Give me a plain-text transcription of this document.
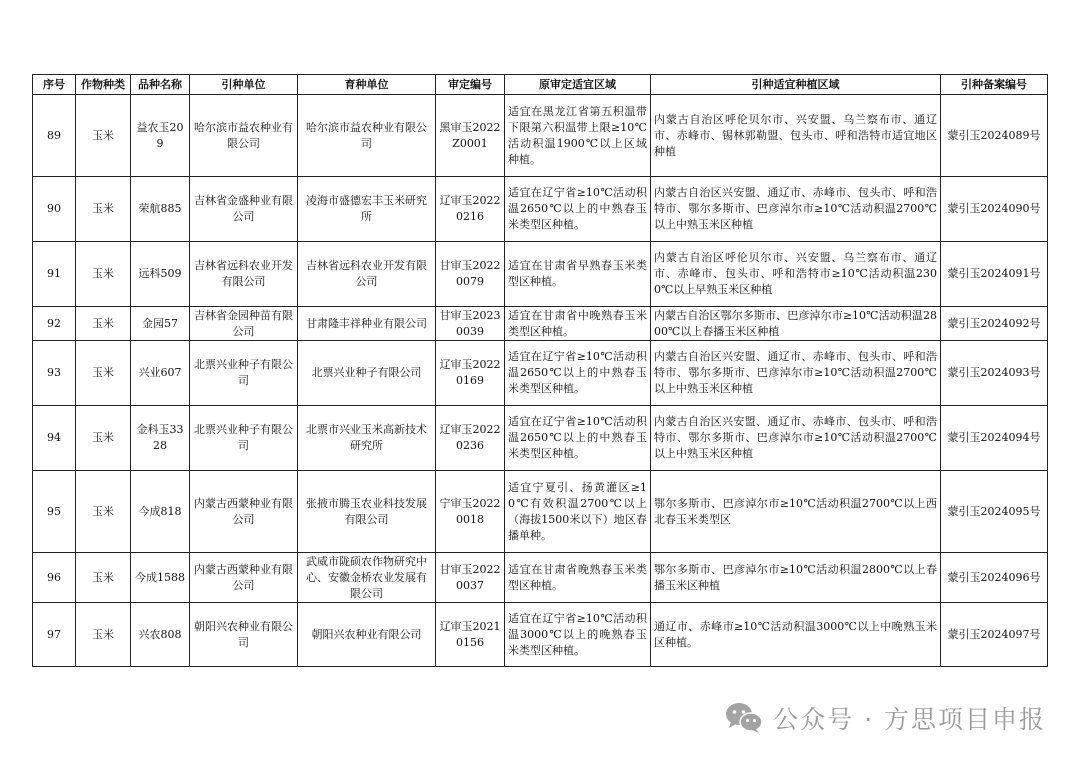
序号	作物种类	品种名称	引种单位	育种单位	审定编号	原审定适宜区域	引种适宜种植区域	引种备案编号
89	玉米	益农玉209	哈尔滨市益农种业有限公司	哈尔滨市益农种业有限公司	黑审玉2022Z0001	适宜在黑龙江省第五积温带下限第六积温带上限≥10℃活动积温1900℃以上区域种植。	内蒙古自治区呼伦贝尔市、兴安盟、乌兰察布市、通辽市、赤峰市、锡林郭勒盟、包头市、呼和浩特市适宜地区种植	蒙引玉2024089号
90	玉米	荣航885	吉林省金盛种业有限公司	凌海市盛德宏丰玉米研究所	辽审玉20220216	适宜在辽宁省≥10℃活动积温2650℃以上的中熟春玉米类型区种植。	内蒙古自治区兴安盟、通辽市、赤峰市、包头市、呼和浩特市、鄂尔多斯市、巴彦淖尔市≥10℃活动积温2700℃以上中熟玉米区种植	蒙引玉2024090号
91	玉米	远科509	吉林省远科农业开发有限公司	吉林省远科农业开发有限公司	甘审玉20220079	适宜在甘肃省早熟春玉米类型区种植。	内蒙古自治区呼伦贝尔市、兴安盟、乌兰察布市、通辽市、赤峰市、包头市、呼和浩特市≥10℃活动积温2300℃以上早熟玉米区种植	蒙引玉2024091号
92	玉米	金园57	吉林省金园种苗有限公司	甘肃隆丰祥种业有限公司	甘审玉20230039	适宜在甘肃省中晚熟春玉米类型区种植。	内蒙古自治区鄂尔多斯市、巴彦淖尔市≥10℃活动积温2800℃以上春播玉米区种植	蒙引玉2024092号
93	玉米	兴业607	北票兴业种子有限公司	北票兴业种子有限公司	辽审玉20220169	适宜在辽宁省≥10℃活动积温2650℃以上的中熟春玉米类型区种植。	内蒙古自治区兴安盟、通辽市、赤峰市、包头市、呼和浩特市、鄂尔多斯市、巴彦淖尔市≥10℃活动积温2700℃以上中熟玉米区种植	蒙引玉2024093号
94	玉米	金科玉3328	北票兴业种子有限公司	北票市兴业玉米高新技术研究所	辽审玉20220236	适宜在辽宁省≥10℃活动积温2650℃以上的中熟春玉米类型区种植。	内蒙古自治区兴安盟、通辽市、赤峰市、包头市、呼和浩特市、鄂尔多斯市、巴彦淖尔市≥10℃活动积温2700℃以上中熟玉米区种植	蒙引玉2024094号
95	玉米	今成818	内蒙古西蒙种业有限公司	张掖市腾玉农业科技发展有限公司	宁审玉20220018	适宜宁夏引、扬黄灌区≥10℃有效积温2700℃以上（海拔1500米以下）地区春播单种。	鄂尔多斯市、巴彦淖尔市≥10℃活动积温2700℃以上西北春玉米类型区	蒙引玉2024095号
96	玉米	今成1588	内蒙古西蒙种业有限公司	武威市陇硕农作物研究中心、安徽金桥农业发展有限公司	甘审玉20220037	适宜在甘肃省晚熟春玉米类型区种植。	鄂尔多斯市、巴彦淖尔市≥10℃活动积温2800℃以上春播玉米区种植	蒙引玉2024096号
97	玉米	兴农808	朝阳兴农种业有限公司	朝阳兴农种业有限公司	辽审玉20210156	适宜在辽宁省≥10℃活动积温3000℃以上的晚熟春玉米类型区种植。	通辽市、赤峰市≥10℃活动积温3000℃以上中晚熟玉米区种植。	蒙引玉2024097号
公众号 · 方思项目申报
